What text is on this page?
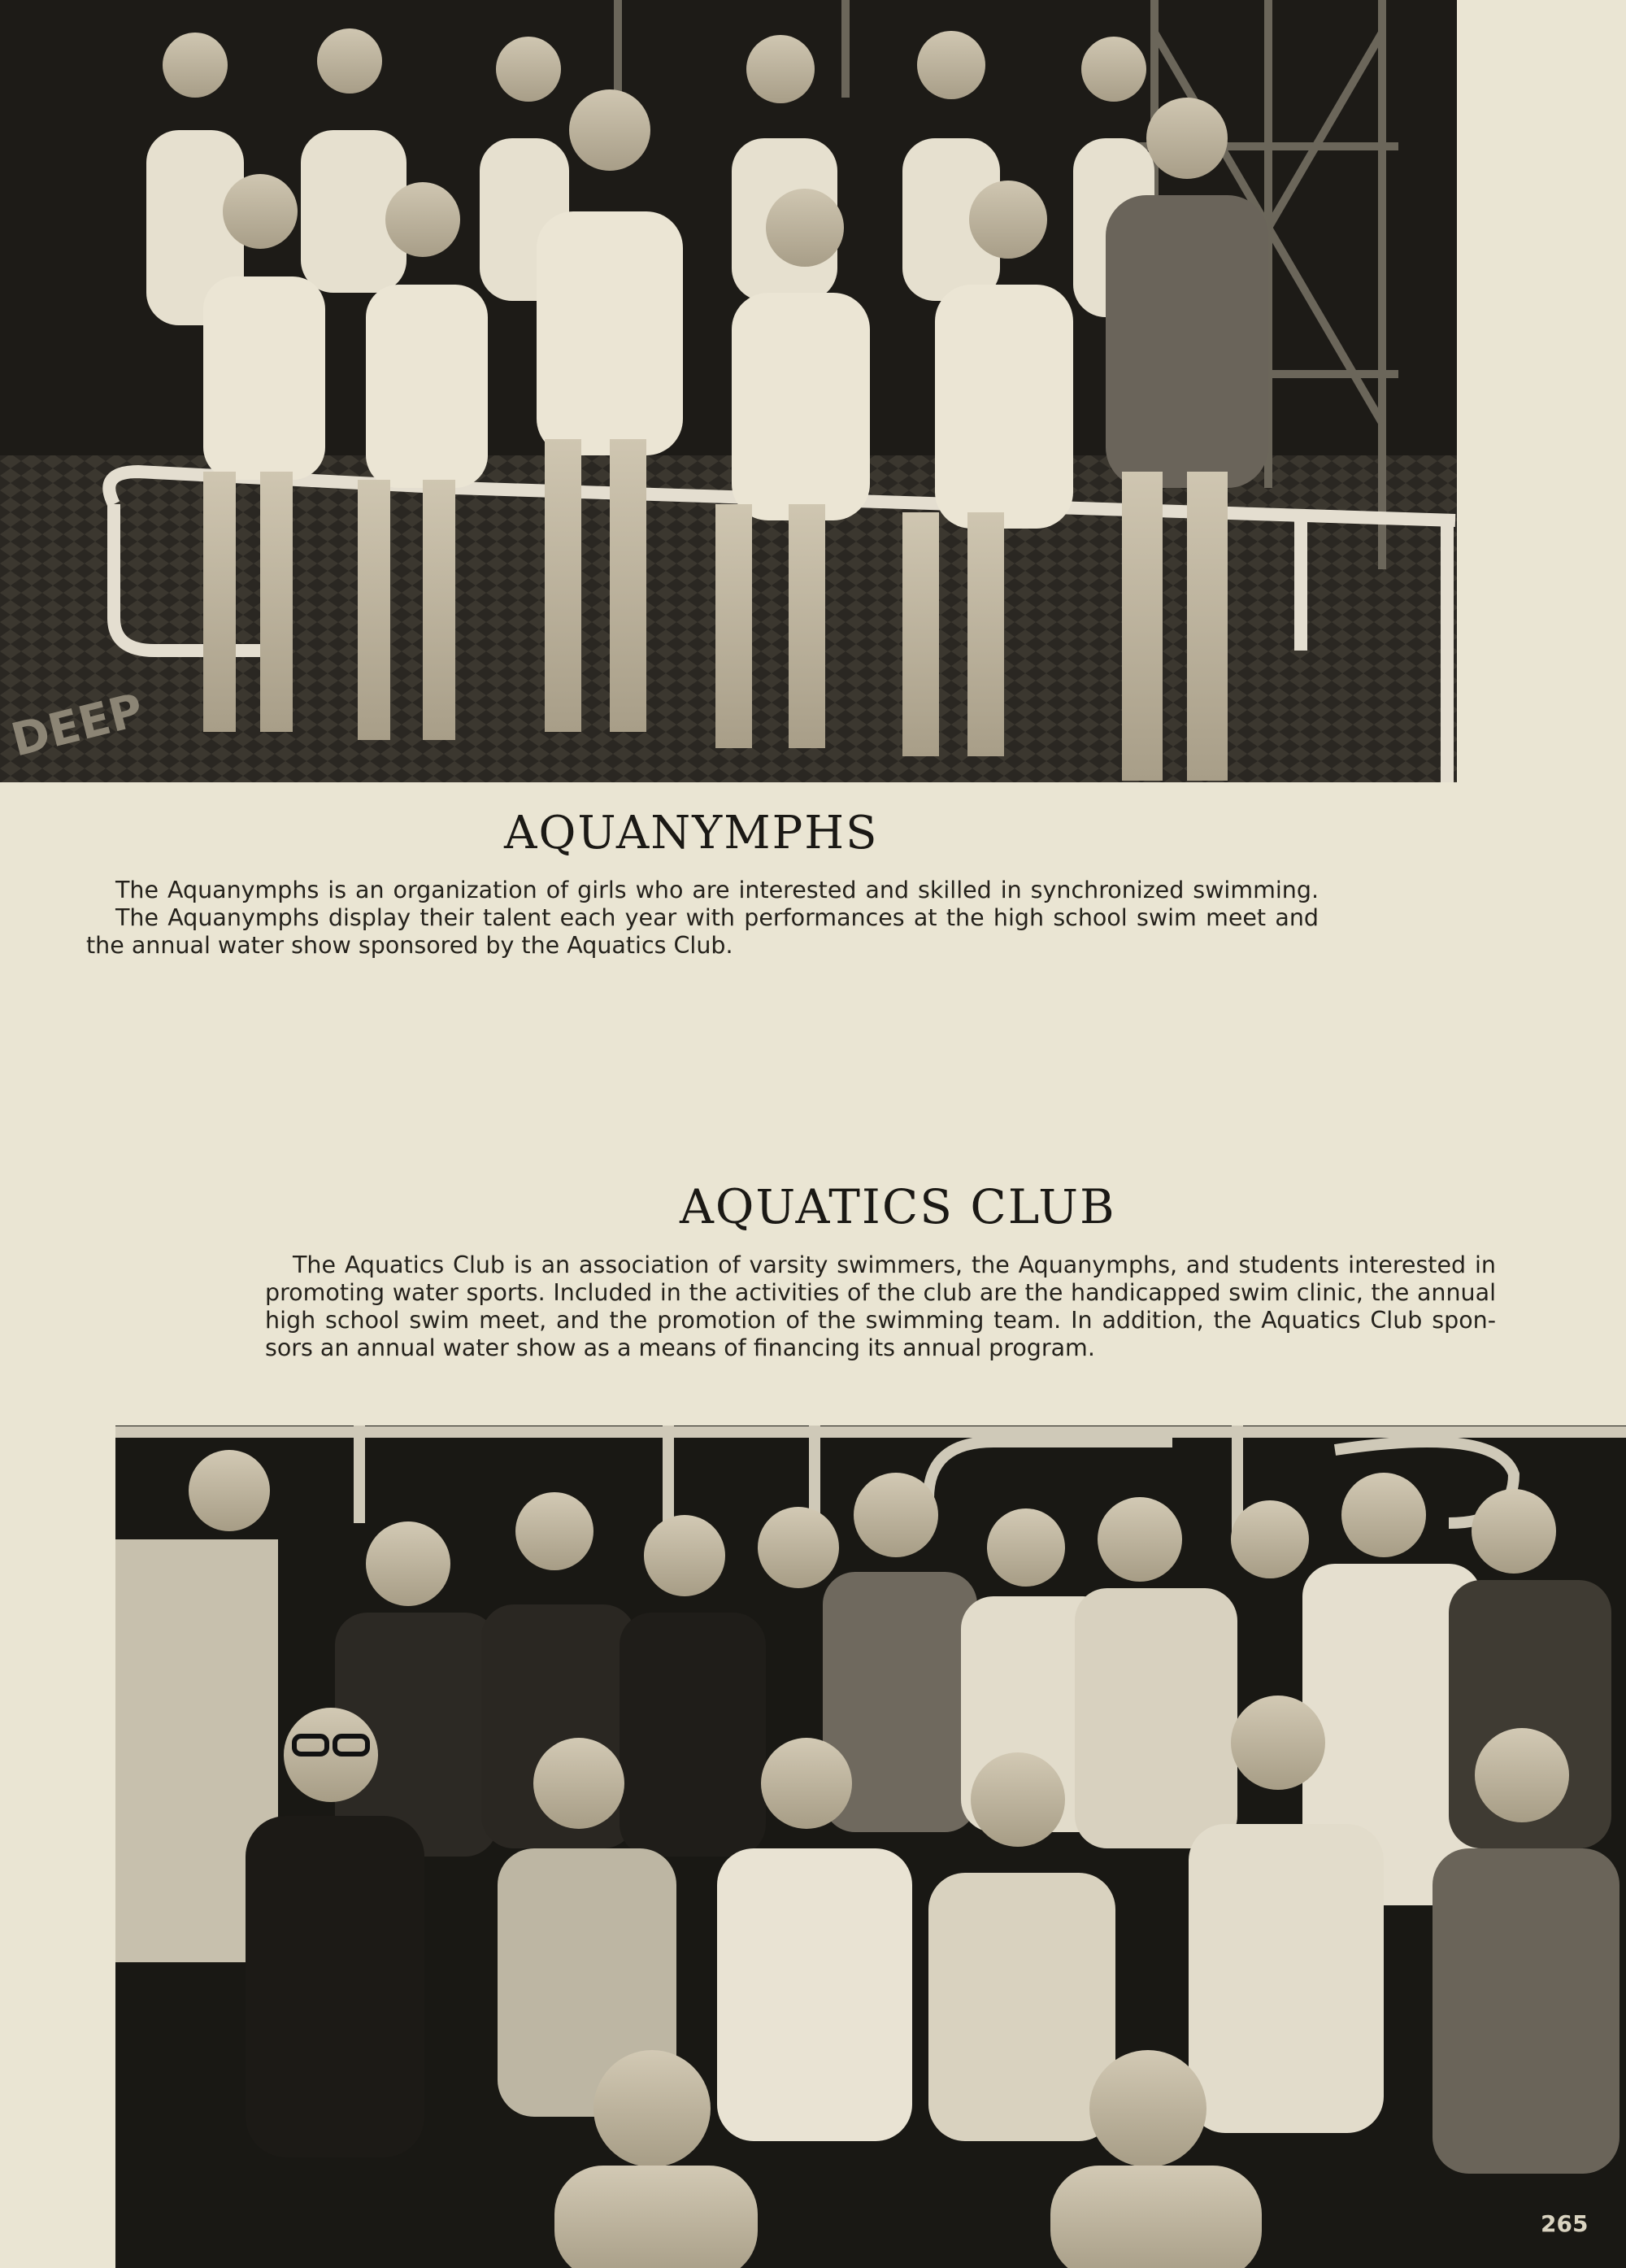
DEEP
AQUANYMPHS

The Aquanymphs is an organization of girls who are interested and skilled in synchronized swimming.
The Aquanymphs display their talent each year with performances at the high school swim meet and
the annual water show sponsored by the Aquatics Club.

AQUATICS CLUB

The Aquatics Club is an association of varsity swimmers, the Aquanymphs, and students interested in
promoting water sports. Included in the activities of the club are the handicapped swim clinic, the annual
high school swim meet, and the promotion of the swimming team. In addition, the Aquatics Club spon-
sors an annual water show as a means of financing its annual program.

265
